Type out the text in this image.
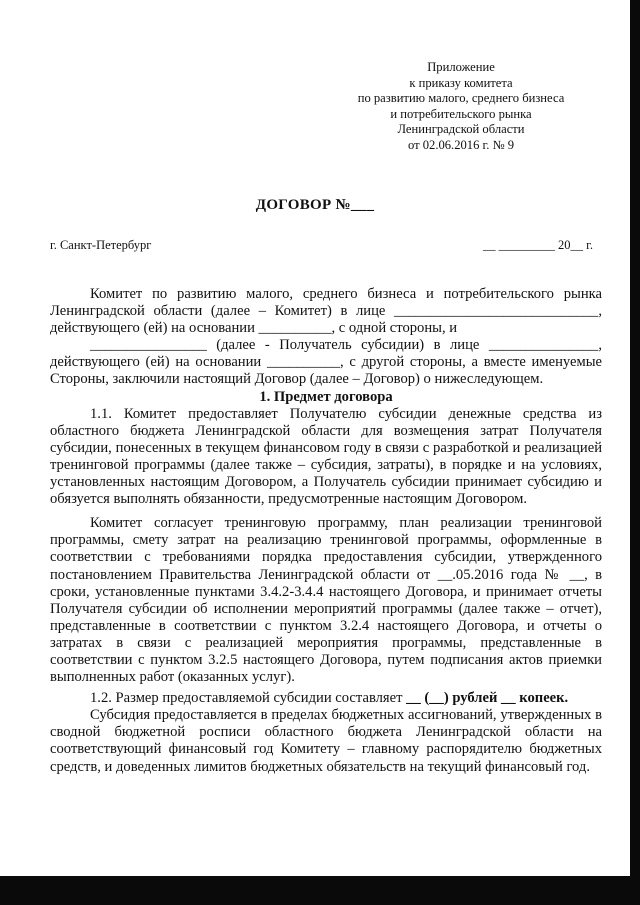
Приложение
к приказу комитета
по развитию малого, среднего бизнеса
и потребительского рынка
Ленинградской области
от 02.06.2016 г. № 9
ДОГОВОР №___
г. Санкт-Петербург	__ _________ 20__ г.

Комитет по развитию малого, среднего бизнеса и потребительского рынка Ленинградской области (далее – Комитет) в лице ____________________________, действующего (ей) на основании __________, с одной стороны, и

________________ (далее - Получатель субсидии) в лице _______________, действующего (ей) на основании __________, с другой стороны, а вместе именуемые Стороны, заключили настоящий Договор (далее – Договор) о нижеследующем.

1. Предмет договора

1.1. Комитет предоставляет Получателю субсидии денежные средства из областного бюджета Ленинградской области для возмещения затрат Получателя субсидии, понесенных в текущем финансовом году в связи с разработкой и реализацией тренинговой программы (далее также – субсидия, затраты), в порядке и на условиях, установленных настоящим Договором, а Получатель субсидии принимает субсидию и обязуется выполнять обязанности, предусмотренные настоящим Договором.

Комитет согласует тренинговую программу, план реализации тренинговой программы, смету затрат на реализацию тренинговой программы, оформленные в соответствии с требованиями порядка предоставления субсидии, утвержденного постановлением Правительства Ленинградской области от __.05.2016 года № __, в сроки, установленные пунктами 3.4.2-3.4.4 настоящего Договора, и принимает отчеты Получателя субсидии об исполнении мероприятий программы (далее также – отчет), представленные в соответствии с пунктом 3.2.4 настоящего Договора, и отчеты о затратах в связи с реализацией мероприятия программы, представленные в соответствии с пунктом 3.2.5 настоящего Договора, путем подписания актов приемки выполненных работ (оказанных услуг).

1.2. Размер предоставляемой субсидии составляет __ (__) рублей __ копеек.

Субсидия предоставляется в пределах бюджетных ассигнований, утвержденных в сводной бюджетной росписи областного бюджета Ленинградской области на соответствующий финансовый год Комитету – главному распорядителю бюджетных средств, и доведенных лимитов бюджетных обязательств на текущий финансовый год.
